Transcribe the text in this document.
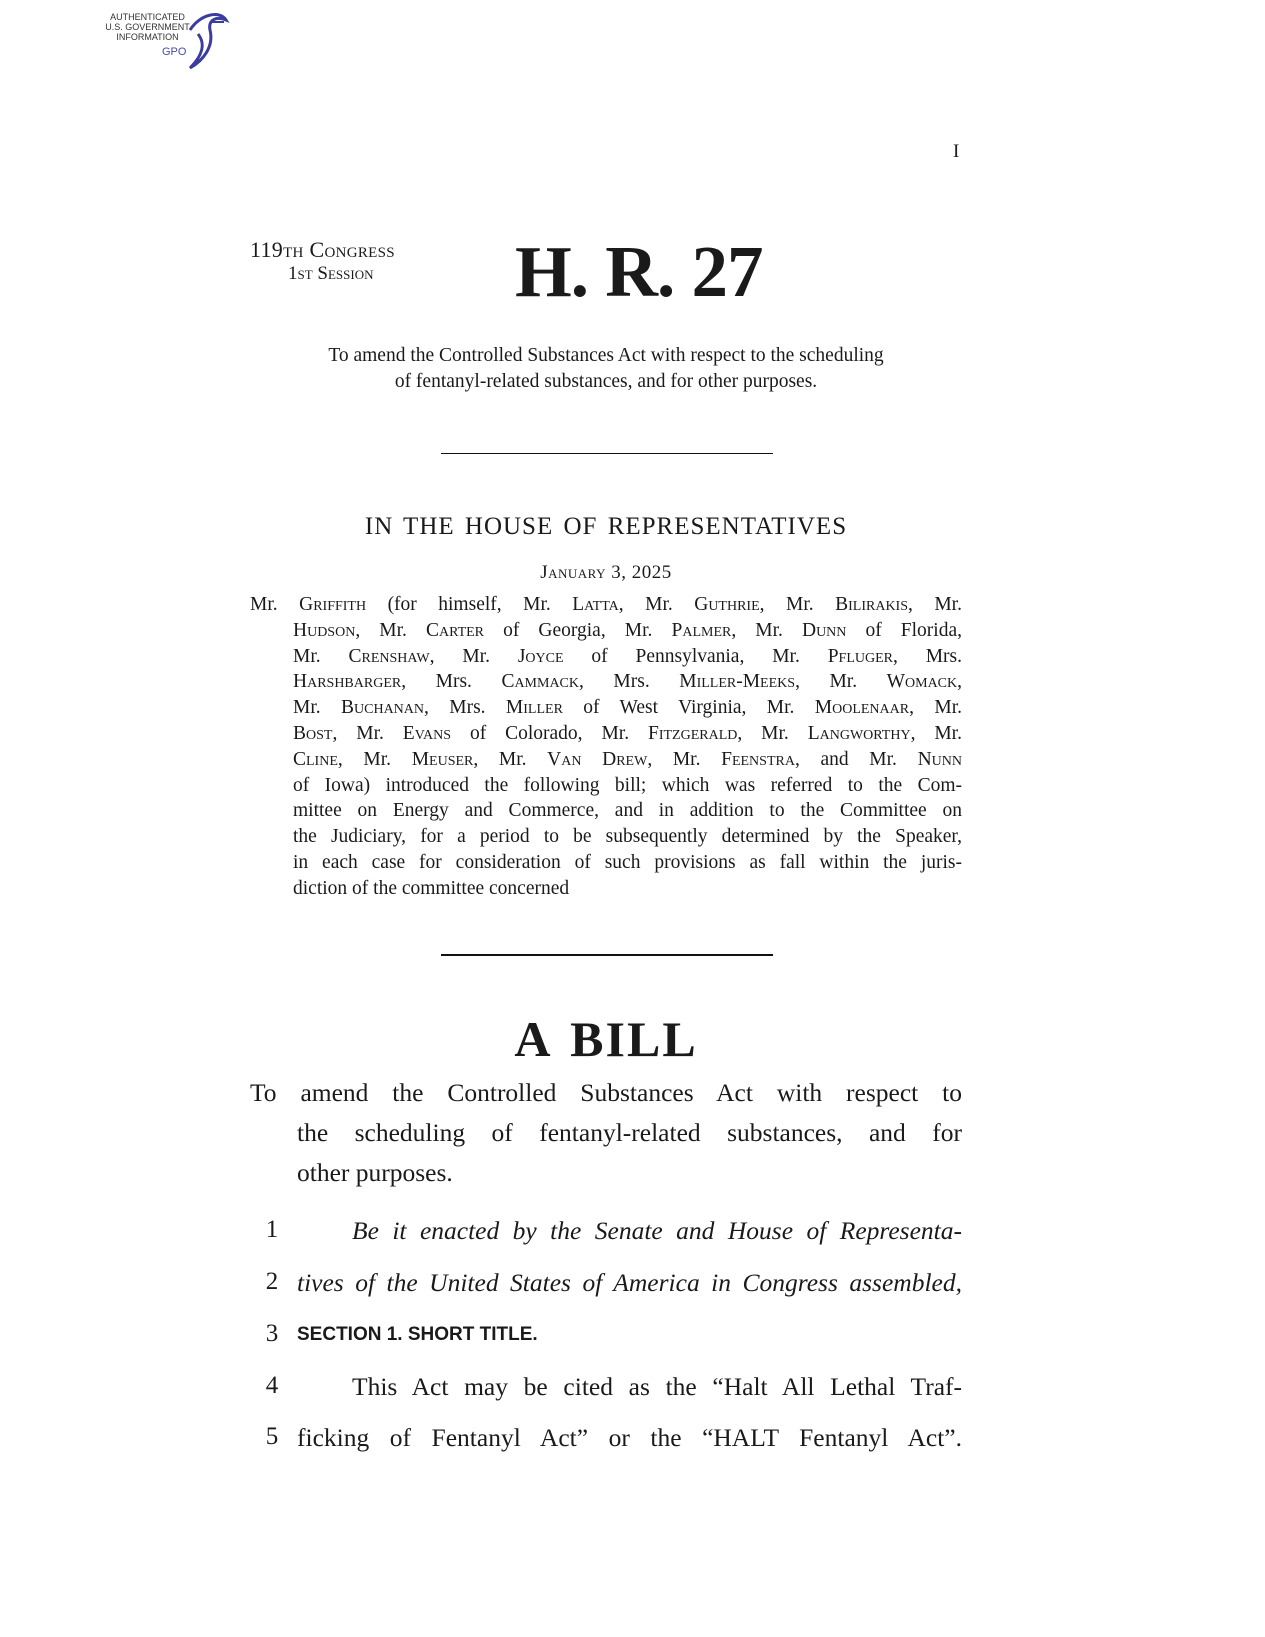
AUTHENTICATED
U.S. GOVERNMENT
INFORMATION
GPO
I
119th Congress
1st Session H. R. 27
To amend the Controlled Substances Act with respect to the scheduling
of fentanyl-related substances, and for other purposes.
IN THE HOUSE OF REPRESENTATIVES
January 3, 2025
Mr. Griffith (for himself, Mr. Latta, Mr. Guthrie, Mr. Bilirakis, Mr.
Hudson, Mr. Carter of Georgia, Mr. Palmer, Mr. Dunn of Florida,
Mr. Crenshaw, Mr. Joyce of Pennsylvania, Mr. Pfluger, Mrs.
Harshbarger, Mrs. Cammack, Mrs. Miller-Meeks, Mr. Womack,
Mr. Buchanan, Mrs. Miller of West Virginia, Mr. Moolenaar, Mr.
Bost, Mr. Evans of Colorado, Mr. Fitzgerald, Mr. Langworthy, Mr.
Cline, Mr. Meuser, Mr. Van Drew, Mr. Feenstra, and Mr. Nunn
of Iowa) introduced the following bill; which was referred to the Com-
mittee on Energy and Commerce, and in addition to the Committee on
the Judiciary, for a period to be subsequently determined by the Speaker,
in each case for consideration of such provisions as fall within the juris-
diction of the committee concerned
A BILL
To amend the Controlled Substances Act with respect to
the scheduling of fentanyl-related substances, and for
other purposes.
1	Be it enacted by the Senate and House of Representa-
2 tives of the United States of America in Congress assembled,
3 SECTION 1. SHORT TITLE.
4	This Act may be cited as the “Halt All Lethal Traf-
5 ficking of Fentanyl Act” or the “HALT Fentanyl Act”.
